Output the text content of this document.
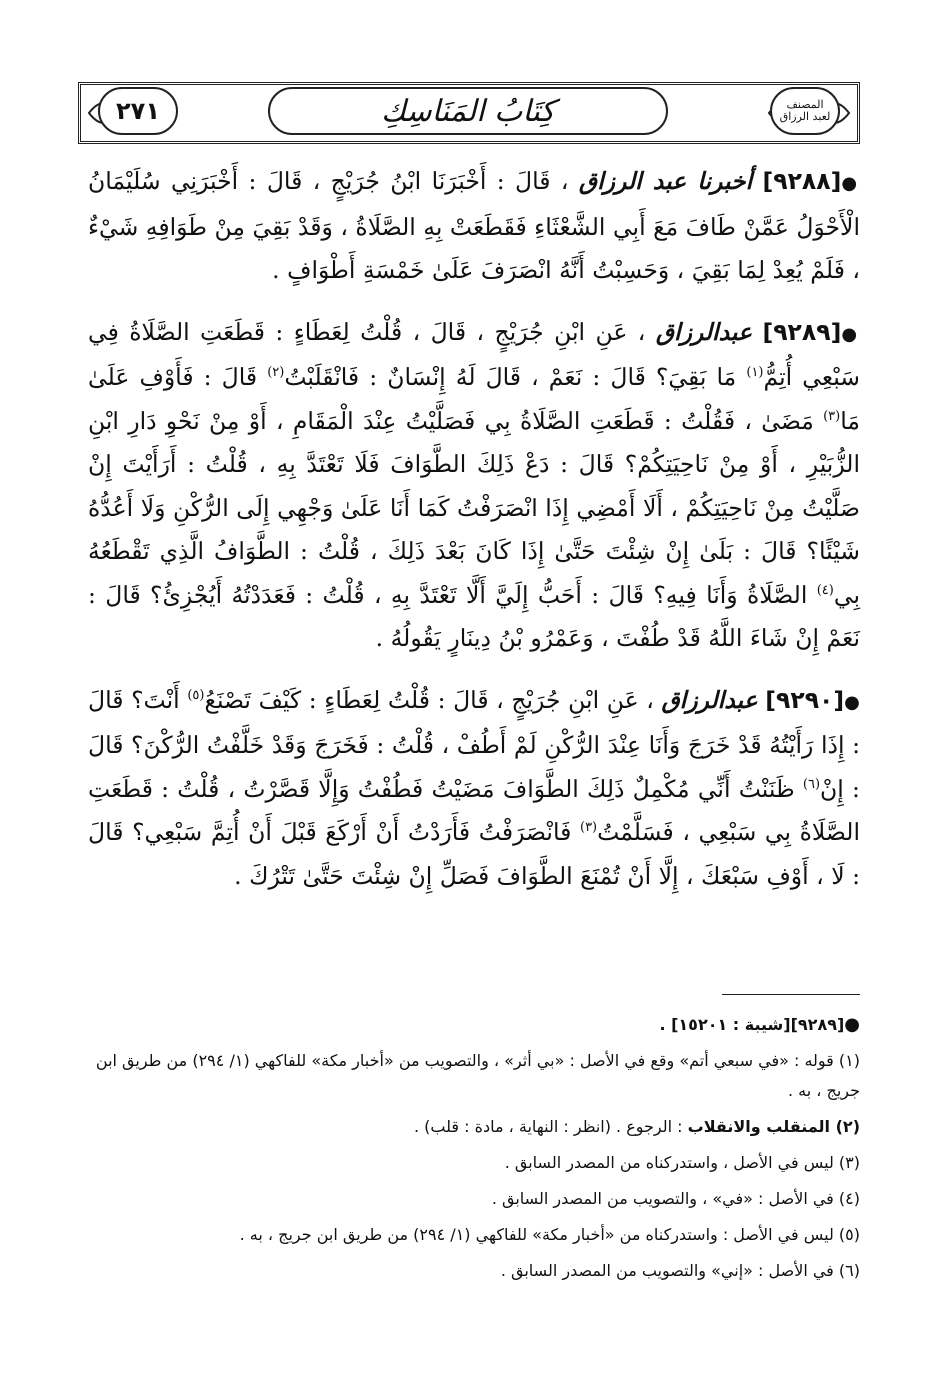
٢٧١	كِتَابُ المَنَاسِكِ	المصنف
لعبد الرزاق

●[٩٢٨٨] أخبرنا عبد الرزاق ، قَالَ : أَخْبَرَنَا ابْنُ جُرَيْجٍ ، قَالَ : أَخْبَرَنِي سُلَيْمَانُ الْأَحْوَلُ عَمَّنْ طَافَ مَعَ أَبِي الشَّعْثَاءِ فَقَطَعَتْ بِهِ الصَّلَاةُ ، وَقَدْ بَقِيَ مِنْ طَوَافِهِ شَيْءٌ ، فَلَمْ يُعِدْ لِمَا بَقِيَ ، وَحَسِبْتُ أَنَّهُ انْصَرَفَ عَلَىٰ خَمْسَةِ أَطْوَافٍ .

●[٩٢٨٩] عبدالرزاق ، عَنِ ابْنِ جُرَيْجٍ ، قَالَ ، قُلْتُ لِعَطَاءٍ : قَطَعَتِ الصَّلَاةُ فِي سَبْعِي أُتِمُّ$^{(١)}$ مَا بَقِيَ؟ قَالَ : نَعَمْ ، قَالَ لَهُ إِنْسَانٌ : فَانْقَلَبْتُ$^{(٢)}$ قَالَ : فَأَوْفِ عَلَىٰ مَا$^{(٣)}$ مَضَىٰ ، فَقُلْتُ : قَطَعَتِ الصَّلَاةُ بِي فَصَلَّيْتُ عِنْدَ الْمَقَامِ ، أَوْ مِنْ نَحْوِ دَارِ ابْنِ الزُّبَيْرِ ، أَوْ مِنْ نَاحِيَتِكُمْ؟ قَالَ : دَعْ ذَلِكَ الطَّوَافَ فَلَا تَعْتَدَّ بِهِ ، قُلْتُ : أَرَأَيْتَ إِنْ صَلَّيْتُ مِنْ نَاحِيَتِكُمْ ، أَلَا أَمْضِي إِذَا انْصَرَفْتُ كَمَا أَنَا عَلَىٰ وَجْهِي إِلَى الرُّكْنِ وَلَا أَعُدُّهُ شَيْئًا؟ قَالَ : بَلَىٰ إِنْ شِئْتَ حَتَّىٰ إِذَا كَانَ بَعْدَ ذَلِكَ ، قُلْتُ : الطَّوَافُ الَّذِي تَقْطَعُهُ بِي$^{(٤)}$ الصَّلَاةُ وَأَنَا فِيهِ؟ قَالَ : أَحَبُّ إِلَيَّ أَلَّا تَعْتَدَّ بِهِ ، قُلْتُ : فَعَدَدْتُهُ أَيُجْزِئُ؟ قَالَ : نَعَمْ إِنْ شَاءَ اللَّهُ قَدْ طُفْتَ ، وَعَمْرُو بْنُ دِينَارٍ يَقُولُهُ .

●[٩٢٩٠] عبدالرزاق ، عَنِ ابْنِ جُرَيْجٍ ، قَالَ : قُلْتُ لِعَطَاءٍ : كَيْفَ تَصْنَعُ$^{(٥)}$ أَنْتَ؟ قَالَ : إِذَا رَأَيْتُهُ قَدْ خَرَجَ وَأَنَا عِنْدَ الرُّكْنِ لَمْ أَطُفْ ، قُلْتُ : فَخَرَجَ وَقَدْ خَلَّفْتُ الرُّكْنَ؟ قَالَ : إِنْ$^{(٦)}$ ظَنَنْتُ أَنِّي مُكْمِلٌ ذَلِكَ الطَّوَافَ مَضَيْتُ فَطُفْتُ وَإِلَّا قَصَّرْتُ ، قُلْتُ : قَطَعَتِ الصَّلَاةُ بِي سَبْعِي ، فَسَلَّمْتُ$^{(٣)}$ فَانْصَرَفْتُ فَأَرَدْتُ أَنْ أَرْكَعَ قَبْلَ أَنْ أُتِمَّ سَبْعِي؟ قَالَ : لَا ، أَوْفِ سَبْعَكَ ، إِلَّا أَنْ تُمْنَعَ الطَّوَافَ فَصَلِّ إِنْ شِئْتَ حَتَّىٰ تَتْرُكَ .

●[٩٢٨٩][شيبة : ١٥٢٠١] .

(١) قوله : «في سبعي أتم» وقع في الأصل : «بي أثر» ، والتصويب من «أخبار مكة» للفاكهي (١/ ٢٩٤) من طريق ابن جريج ، به .

(٢) المنقلب والانقلاب : الرجوع . (انظر : النهاية ، مادة : قلب) .

(٣) ليس في الأصل ، واستدركناه من المصدر السابق .

(٤) في الأصل : «في» ، والتصويب من المصدر السابق .

(٥) ليس في الأصل : واستدركناه من «أخبار مكة» للفاكهي (١/ ٢٩٤) من طريق ابن جريج ، به .

(٦) في الأصل : «إني» والتصويب من المصدر السابق .
